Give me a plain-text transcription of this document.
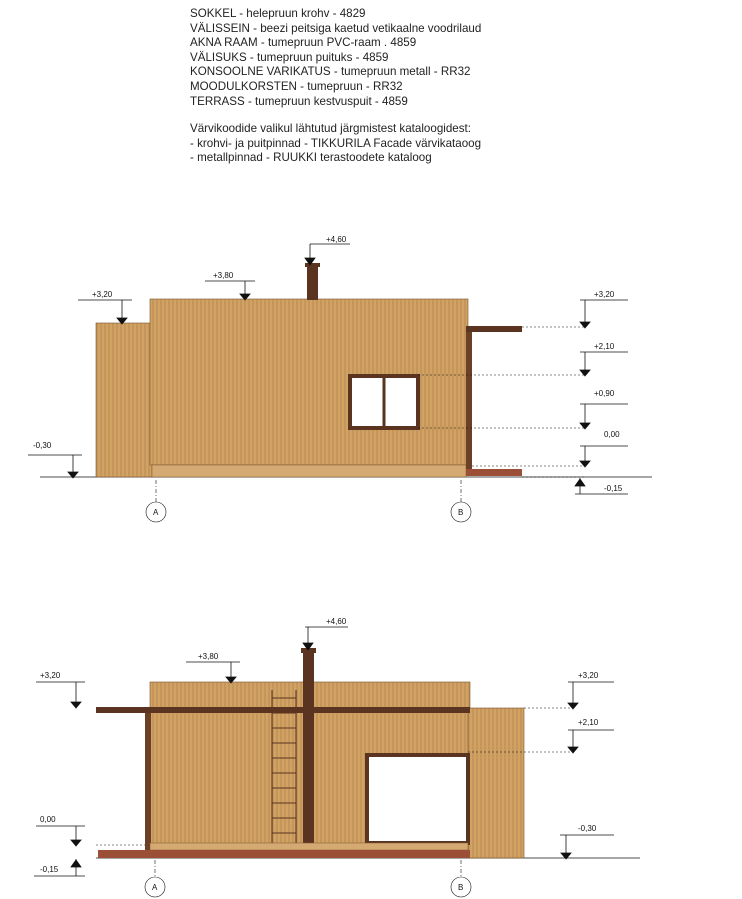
SOKKEL - helepruun krohv - 4829
VÄLISSEIN - beezi peitsiga kaetud vetikaalne voodrilaud
AKNA RAAM - tumepruun PVC-raam . 4859
VÄLISUKS - tumepruun puituks - 4859
KONSOOLNE VARIKATUS - tumepruun metall - RR32
MOODULKORSTEN - tumepruun - RR32
TERRASS - tumepruun kestvuspuit - 4859
Värvikoodide valikul lähtutud järgmistest kataloogidest:
- krohvi- ja puitpinnad - TIKKURILA Facade värvikataoog
- metallpinnad - RUUKKI terastoodete kataloog
+4,60
+3,80
+3,20	+3,20
+2,10
+0,90
0,00
-0,30
-0,15
A	B
+4,60
+3,80
+3,20	+3,20
+2,10
0,00
-0,15
-0,30
A	B
